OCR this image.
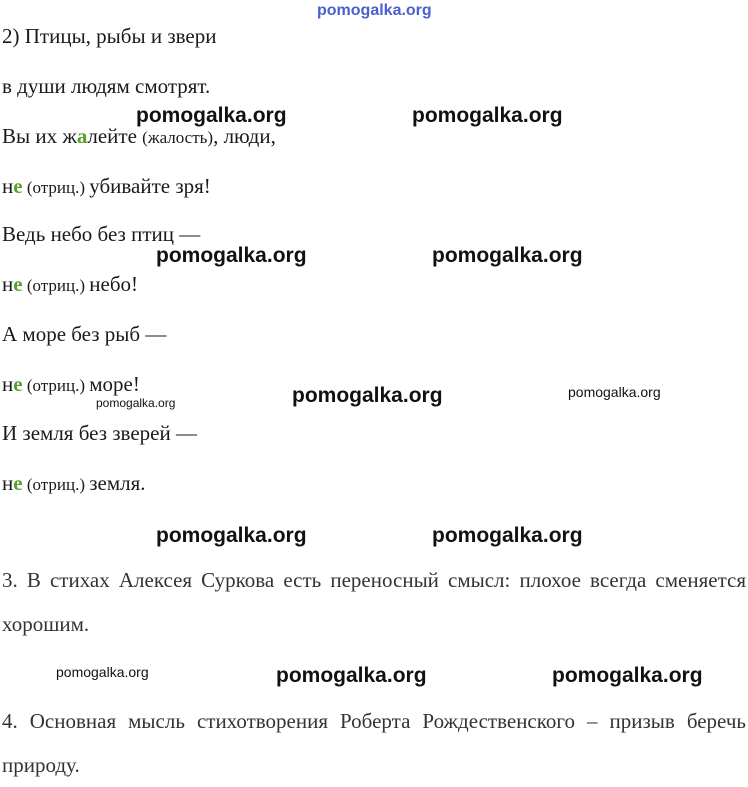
pomogalka.org
2) Птицы, рыбы и звери
в души людям смотрят.
Вы их жалейте (жалость), люди,
не (отриц.) убивайте зря!
Ведь небо без птиц —
не (отриц.) небо!
А море без рыб —
не (отриц.) море!
И земля без зверей —
не (отриц.) земля.
3. В стихах Алексея Суркова есть переносный смысл: плохое всегда сменяется хорошим.
4. Основная мысль стихотворения Роберта Рождественского – призыв беречь природу.
pomogalka.org	pomogalka.org
pomogalka.org	pomogalka.org
pomogalka.org
pomogalka.org
pomogalka.org
pomogalka.org	pomogalka.org
pomogalka.org	pomogalka.org	pomogalka.org
